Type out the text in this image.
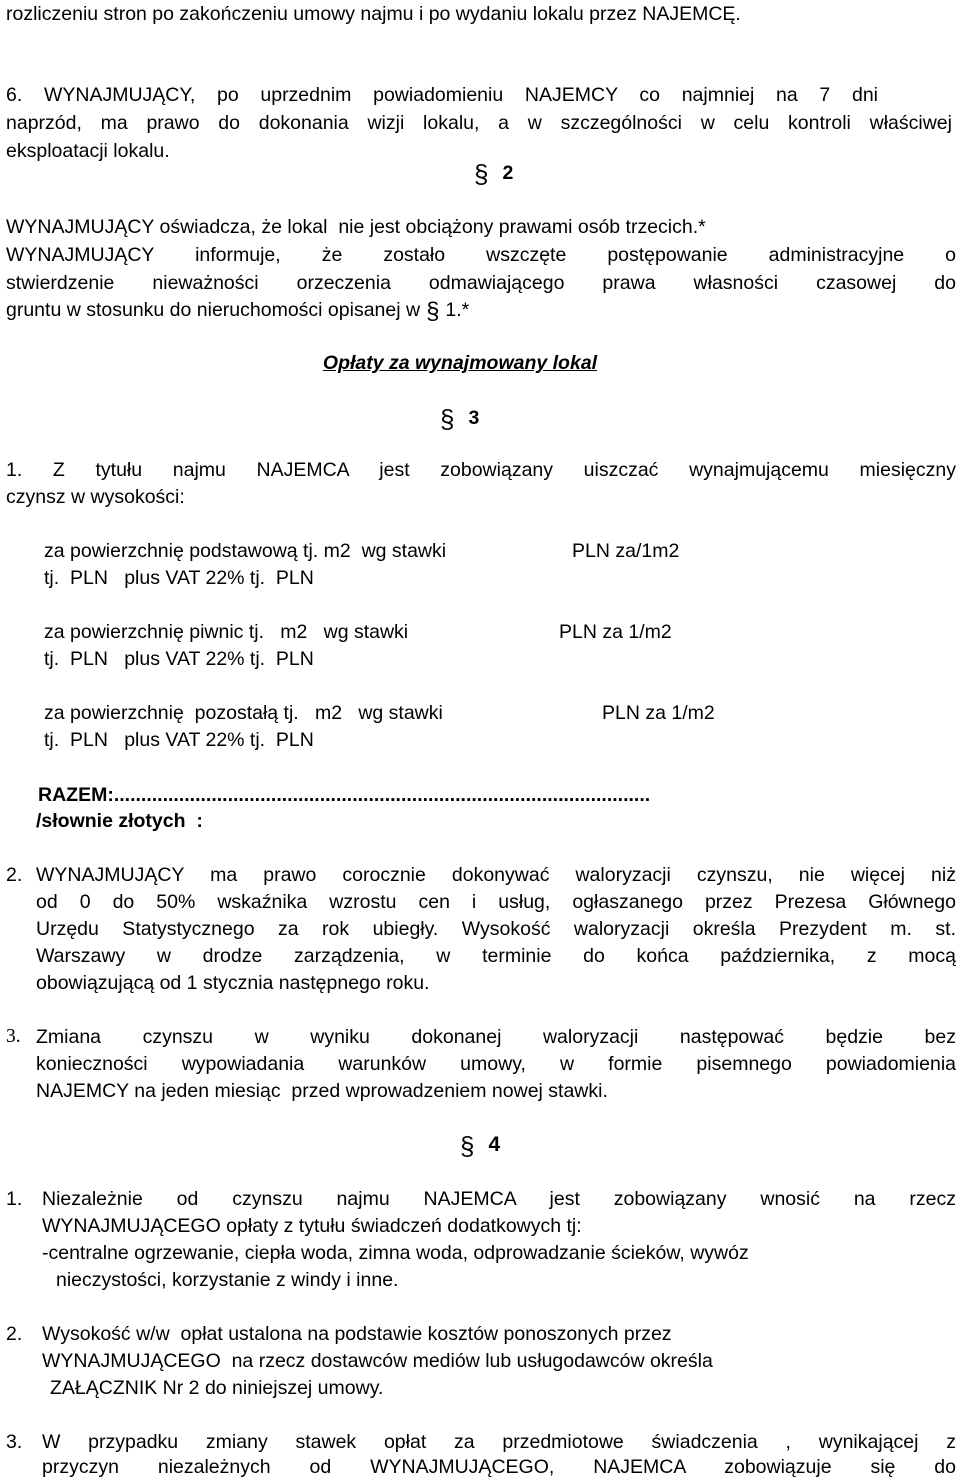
rozliczeniu stron po zakończeniu umowy najmu i po wydaniu lokalu przez NAJEMCĘ.
6. WYNAJMUJĄCY, po uprzednim powiadomieniu NAJEMCY co najmniej na 7 dni
naprzód, ma prawo do dokonania wizji lokalu, a w szczególności w celu kontroli właściwej
eksploatacji lokalu.
§ 2
WYNAJMUJĄCY oświadcza, że lokal  nie jest obciążony prawami osób trzecich.*
WYNAJMUJĄCY informuje, że zostało wszczęte postępowanie administracyjne o
stwierdzenie nieważności orzeczenia odmawiającego prawa własności czasowej do
gruntu w stosunku do nieruchomości opisanej w § 1.*
Opłaty za wynajmowany lokal
§ 3
1. Z tytułu najmu NAJEMCA jest zobowiązany uiszczać wynajmującemu miesięczny
czynsz w wysokości:
za powierzchnię podstawową tj. m2  wg stawki	PLN za/1m2
tj.  PLN   plus VAT 22% tj.  PLN
za powierzchnię piwnic tj.   m2   wg stawki	PLN za 1/m2
tj.  PLN   plus VAT 22% tj.  PLN
za powierzchnię  pozostałą tj.   m2   wg stawki	PLN za 1/m2
tj.  PLN   plus VAT 22% tj.  PLN
RAZEM:...................................................................................................
/słownie złotych  :
2. WYNAJMUJĄCY ma prawo corocznie dokonywać waloryzacji czynszu, nie więcej niż
od 0 do 50% wskaźnika wzrostu cen i usług, ogłaszanego przez Prezesa Głównego
Urzędu Statystycznego za rok ubiegły. Wysokość waloryzacji określa Prezydent m. st.
Warszawy w drodze zarządzenia, w terminie do końca października, z mocą
obowiązującą od 1 stycznia następnego roku.
3. Zmiana czynszu w wyniku dokonanej waloryzacji następować będzie bez
konieczności wypowiadania warunków umowy, w formie pisemnego powiadomienia
NAJEMCY na jeden miesiąc  przed wprowadzeniem nowej stawki.
§ 4
1. Niezależnie od czynszu najmu NAJEMCA jest zobowiązany wnosić na rzecz
WYNAJMUJĄCEGO opłaty z tytułu świadczeń dodatkowych tj:
-centralne ogrzewanie, ciepła woda, zimna woda, odprowadzanie ścieków, wywóz
nieczystości, korzystanie z windy i inne.
2. Wysokość w/w  opłat ustalona na podstawie kosztów ponoszonych przez
WYNAJMUJĄCEGO  na rzecz dostawców mediów lub usługodawców określa
ZAŁĄCZNIK Nr 2 do niniejszej umowy.
3. W przypadku zmiany stawek opłat za przedmiotowe świadczenia , wynikającej z
przyczyn niezależnych od WYNAJMUJĄCEGO, NAJEMCA zobowiązuje się do
